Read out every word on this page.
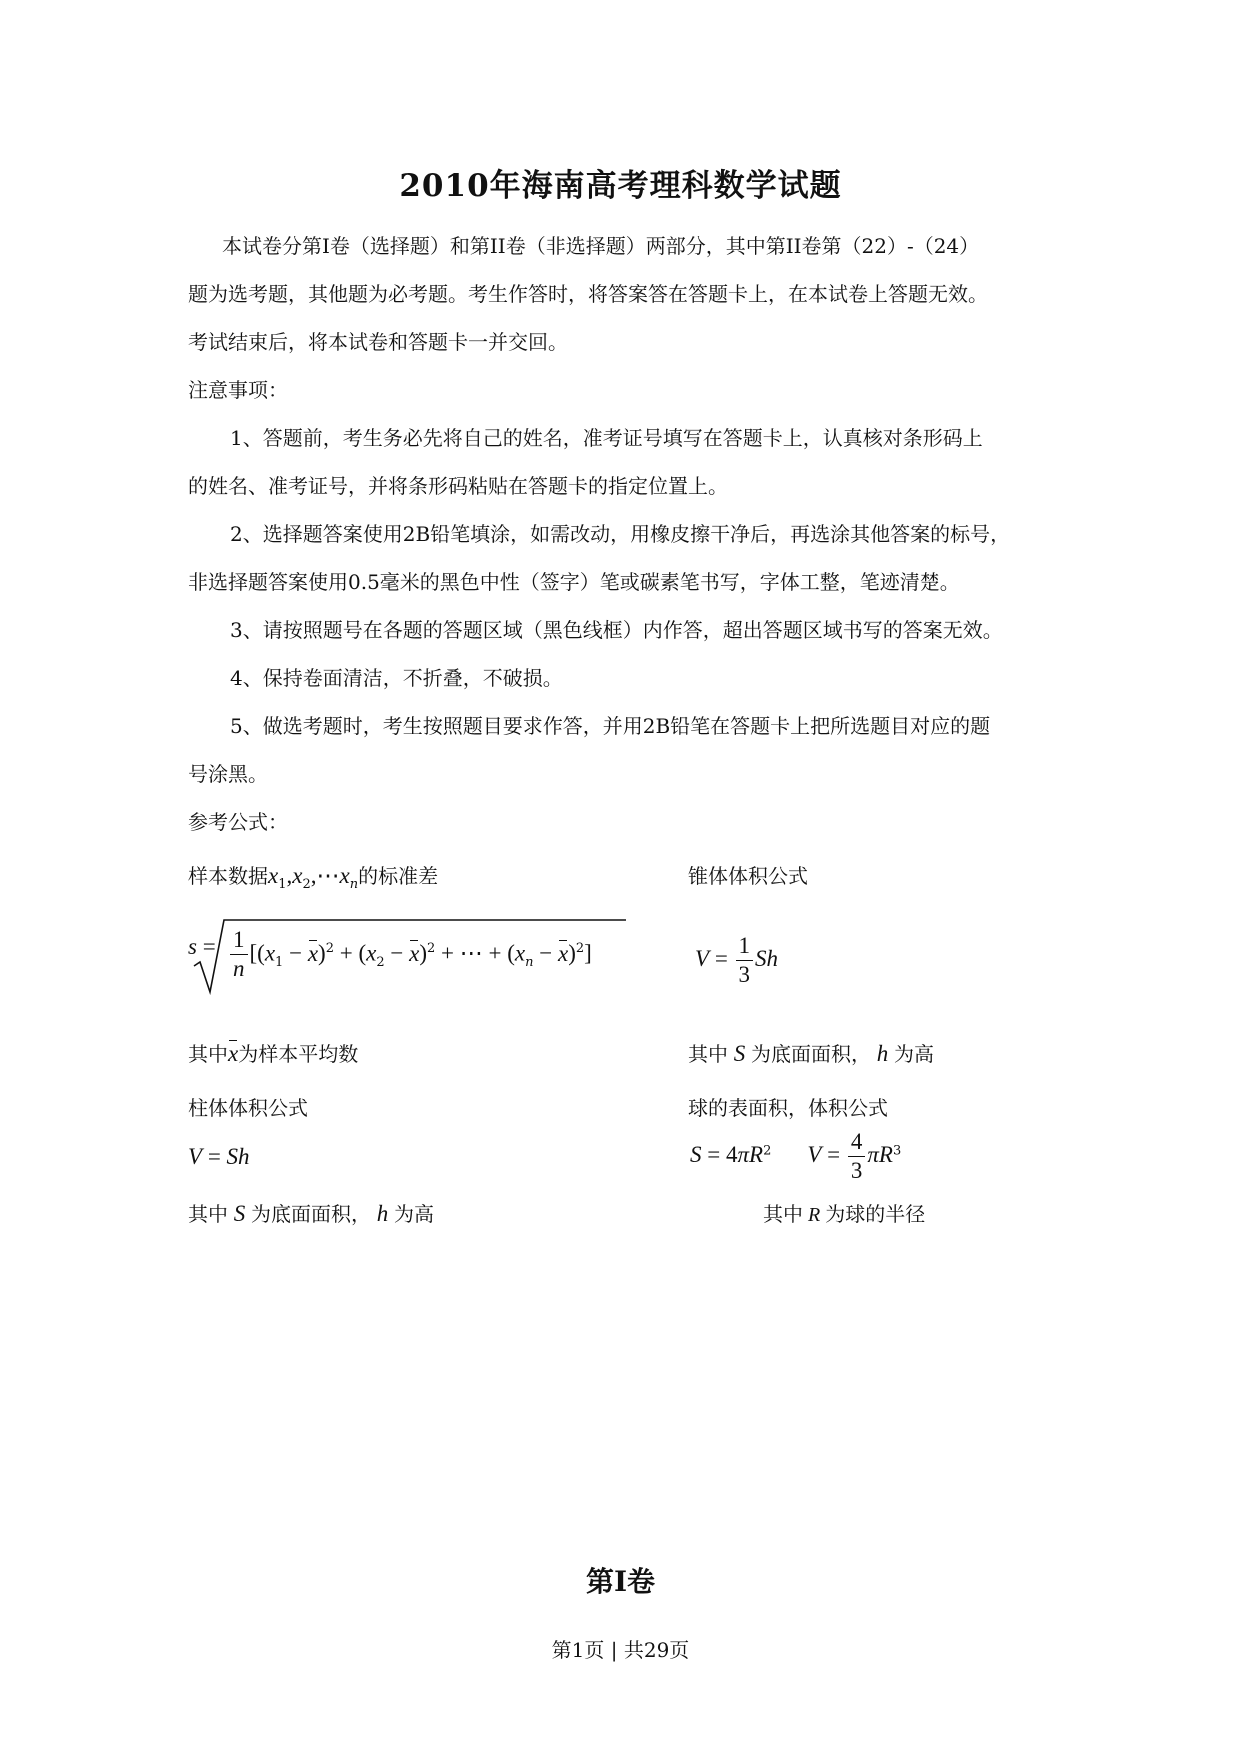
2010年海南高考理科数学试题
本试卷分第Ⅰ卷（选择题）和第II卷（非选择题）两部分，其中第II卷第（22）-（24）
题为选考题，其他题为必考题。考生作答时，将答案答在答题卡上，在本试卷上答题无效。
考试结束后，将本试卷和答题卡一并交回。
注意事项：
1、答题前，考生务必先将自己的姓名，准考证号填写在答题卡上，认真核对条形码上
的姓名、准考证号，并将条形码粘贴在答题卡的指定位置上。
2、选择题答案使用2B铅笔填涂，如需改动，用橡皮擦干净后，再选涂其他答案的标号，
非选择题答案使用0.5毫米的黑色中性（签字）笔或碳素笔书写，字体工整，笔迹清楚。
3、请按照题号在各题的答题区域（黑色线框）内作答，超出答题区域书写的答案无效。
4、保持卷面清洁，不折叠，不破损。
5、做选考题时，考生按照题目要求作答，并用2B铅笔在答题卡上把所选题目对应的题
号涂黑。
参考公式：
样本数据$x_1,x_2,\cdots x_n$的标准差	锥体体积公式
$s = \frac{1}{n} [(x_1 - x)^2 + (x_2 - x)^2$ + ⋯ + $(x_n - x)^2$]	$V = \frac{1}{3}$ Sh
其中x为样本平均数	其中 S 为底面面积， h 为高
柱体体积公式	球的表面积，体积公式
V = Sh	$S = 4\pi R^2$ $V = \frac{4}{3} \pi R^3$
其中 S 为底面面积， h 为高	其中 R 为球的半径
第Ⅰ卷
第1页 | 共29页
